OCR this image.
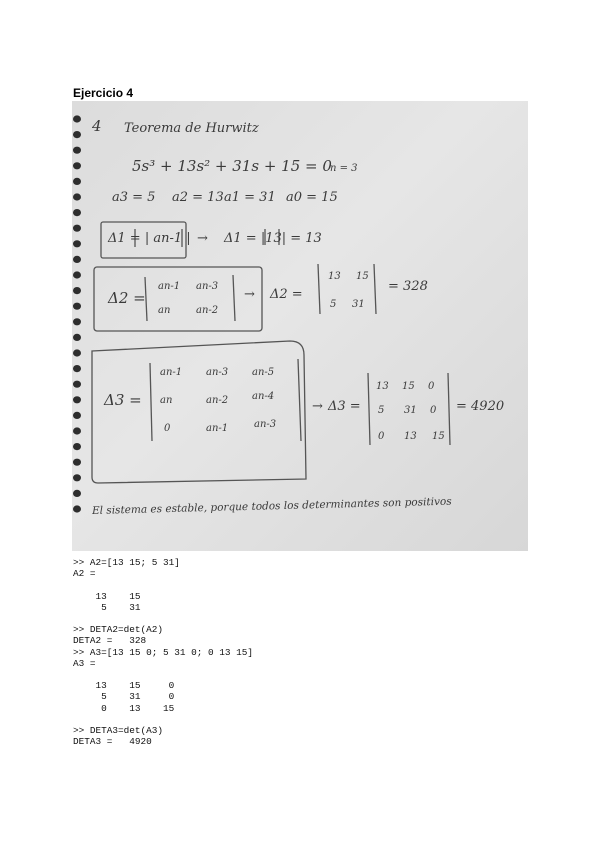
Ejercicio 4
4 Teorema de Hurwitz
5s³ + 13s² + 31s + 15 = 0
n = 3
a3 = 5 a2 = 13 a1 = 31 a0 = 15
Δ1 = | an-1 | → Δ1 = |13| = 13
Δ2 =
an-1 an-3
an	an-2
→ Δ2 =
13 15
5 31
= 328
Δ3 =
an-1 an-3 an-5
an	an-2 an-4
0	an-1	an-3
→ Δ3 =
13 15 0
5 31 0
0 13 15
= 4920
El sistema es estable, porque todos los determinantes son positivos
>> A2=[13 15; 5 31]
A2 =

13    15
5    31

>> DETA2=det(A2)
DETA2 =   328
>> A3=[13 15 0; 5 31 0; 0 13 15]
A3 =

13    15     0
5    31     0
0    13    15

>> DETA3=det(A3)
DETA3 =   4920
